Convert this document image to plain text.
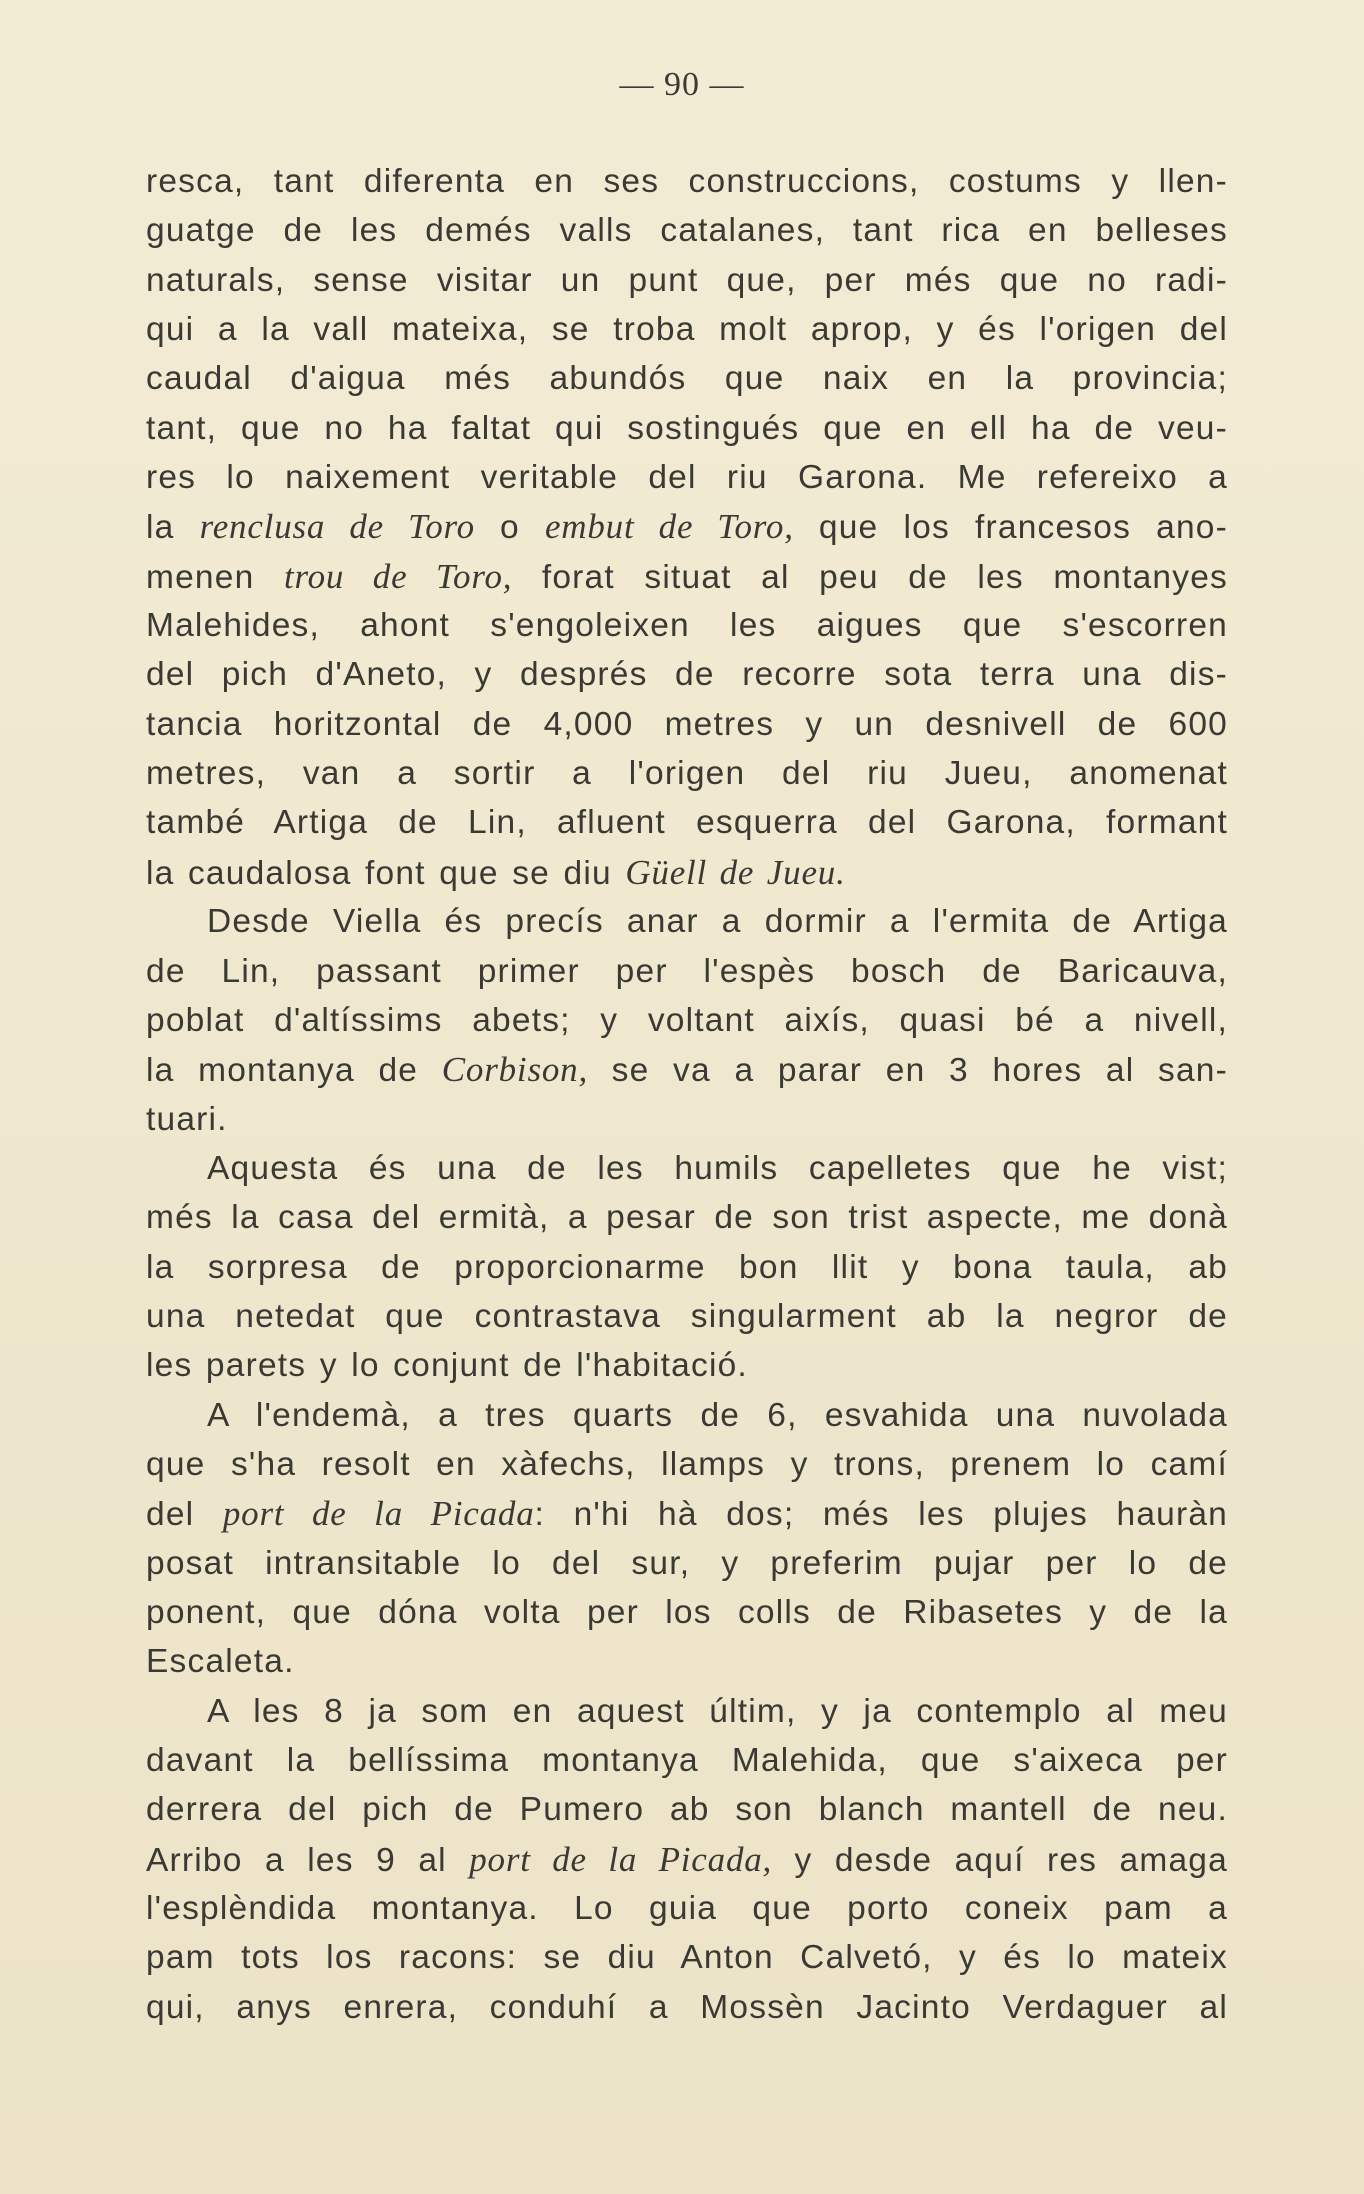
— 90 —
resca, tant diferenta en ses construccions, costums y llen-
guatge de les demés valls catalanes, tant rica en belleses
naturals, sense visitar un punt que, per més que no radi-
qui a la vall mateixa, se troba molt aprop, y és l'origen del
caudal d'aigua més abundós que naix en la provincia;
tant, que no ha faltat qui sostingués que en ell ha de veu-
res lo naixement veritable del riu Garona. Me refereixo a
la renclusa de Toro o embut de Toro, que los francesos ano-
menen trou de Toro, forat situat al peu de les montanyes
Malehides, ahont s'engoleixen les aigues que s'escorren
del pich d'Aneto, y després de recorre sota terra una dis-
tancia horitzontal de 4,000 metres y un desnivell de 600
metres, van a sortir a l'origen del riu Jueu, anomenat
també Artiga de Lin, afluent esquerra del Garona, formant
la caudalosa font que se diu Güell de Jueu.
Desde Viella és precís anar a dormir a l'ermita de Artiga
de Lin, passant primer per l'espès bosch de Baricauva,
poblat d'altíssims abets; y voltant aixís, quasi bé a nivell,
la montanya de Corbison, se va a parar en 3 hores al san-
tuari.
Aquesta és una de les humils capelletes que he vist;
més la casa del ermità, a pesar de son trist aspecte, me donà
la sorpresa de proporcionarme bon llit y bona taula, ab
una netedat que contrastava singularment ab la negror de
les parets y lo conjunt de l'habitació.
A l'endemà, a tres quarts de 6, esvahida una nuvolada
que s'ha resolt en xàfechs, llamps y trons, prenem lo camí
del port de la Picada: n'hi hà dos; més les plujes hauràn
posat intransitable lo del sur, y preferim pujar per lo de
ponent, que dóna volta per los colls de Ribasetes y de la
Escaleta.
A les 8 ja som en aquest últim, y ja contemplo al meu
davant la bellíssima montanya Malehida, que s'aixeca per
derrera del pich de Pumero ab son blanch mantell de neu.
Arribo a les 9 al port de la Picada, y desde aquí res amaga
l'esplèndida montanya. Lo guia que porto coneix pam a
pam tots los racons: se diu Anton Calvetó, y és lo mateix
qui, anys enrera, conduhí a Mossèn Jacinto Verdaguer al
